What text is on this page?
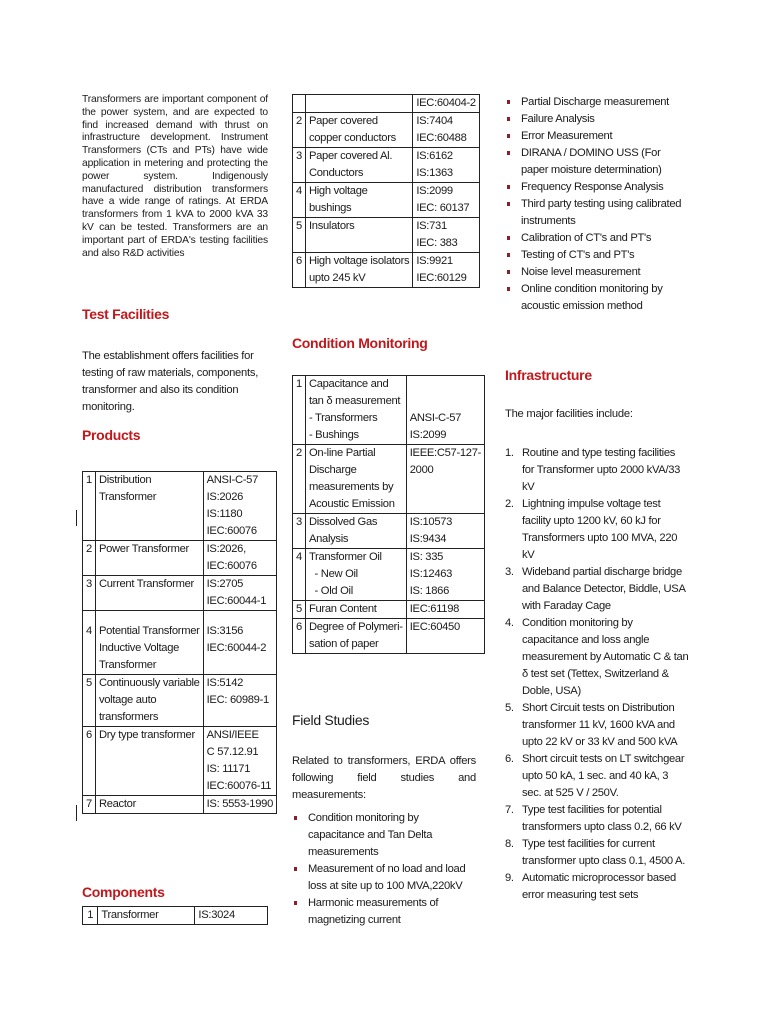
Transformers are important component of the power system, and are expected to find increased demand with thrust on infrastructure development. Instrument Transformers (CTs and PTs) have wide application in metering and protecting the power system. Indigenously manufactured distribution transformers have a wide range of ratings. At ERDA transformers from 1 kVA to 2000 kVA 33 kV can be tested. Transformers are an important part of ERDA's testing facilities and also R&D activities

Test Facilities

The establishment offers facilities for testing of raw materials, components, transformer and also its condition monitoring.

Products
1	Distribution
Transformer	ANSI-C-57
IS:2026
IS:1180
IEC:60076

2	Power Transformer	IS:2026,
IEC:60076

3	Current Transformer	IS:2705
IEC:60044-1

4	Potential Transformer
Inductive Voltage
Transformer	IS:3156
IEC:60044-2

5	Continuously variable
voltage auto
transformers	IS:5142
IEC: 60989-1

6	Dry type transformer	ANSI/IEEE
C 57.12.91
IS: 11171
IEC:60076-11

7	Reactor	IS: 5553-1990
Components
1	Transformer	IS:3024

		IEC:60404-2

2	Paper covered
copper conductors	IS:7404
IEC:60488

3	Paper covered Al.
Conductors	IS:6162
IS:1363

4	High voltage
bushings	IS:2099
IEC: 60137

5	Insulators	IS:731
IEC: 383

6	High voltage isolators
upto 245 kV	IS:9921
IEC:60129
Condition Monitoring
1	Capacitance and
tan δ measurement
- Transformers
- Bushings	ANSI-C-57
IS:2099

2	On-line Partial
Discharge
measurements by
Acoustic Emission	IEEE:C57-127-
2000

3	Dissolved Gas
Analysis	IS:10573
IS:9434

4	Transformer Oil
- New Oil
- Old Oil	IS: 335
IS:12463
IS: 1866

5	Furan Content	IEC:61198

6	Degree of Polymeri-
sation of paper	IEC:60450
Field Studies

Related to transformers, ERDA offers following field studies and measurements:

Condition monitoring by capacitance and Tan Delta measurements
Measurement of no load and load loss at site up to 100 MVA,220kV
Harmonic measurements of magnetizing current
Partial Discharge measurement
Failure Analysis
Error Measurement
DIRANA / DOMINO USS (For paper moisture determination)
Frequency Response Analysis
Third party testing using calibrated instruments
Calibration of CT's and PT's
Testing of CT's and PT's
Noise level measurement
Online condition monitoring by acoustic emission method
Infrastructure

The major facilities include:

1. Routine and type testing facilities for Transformer upto 2000 kVA/33 kV
2. Lightning impulse voltage test facility upto 1200 kV, 60 kJ for Transformers upto 100 MVA, 220 kV
3. Wideband partial discharge bridge and Balance Detector, Biddle, USA with Faraday Cage
4. Condition monitoring by capacitance and loss angle measurement by Automatic C & tan δ test set (Tettex, Switzerland & Doble, USA)
5. Short Circuit tests on Distribution transformer 11 kV, 1600 kVA and upto 22 kV or 33 kV and 500 kVA
6. Short circuit tests on LT switchgear upto 50 kA, 1 sec. and 40 kA, 3 sec. at 525 V / 250V.
7. Type test facilities for potential transformers upto class 0.2, 66 kV
8. Type test facilities for current transformer upto class 0.1, 4500 A.
9. Automatic microprocessor based error measuring test sets
